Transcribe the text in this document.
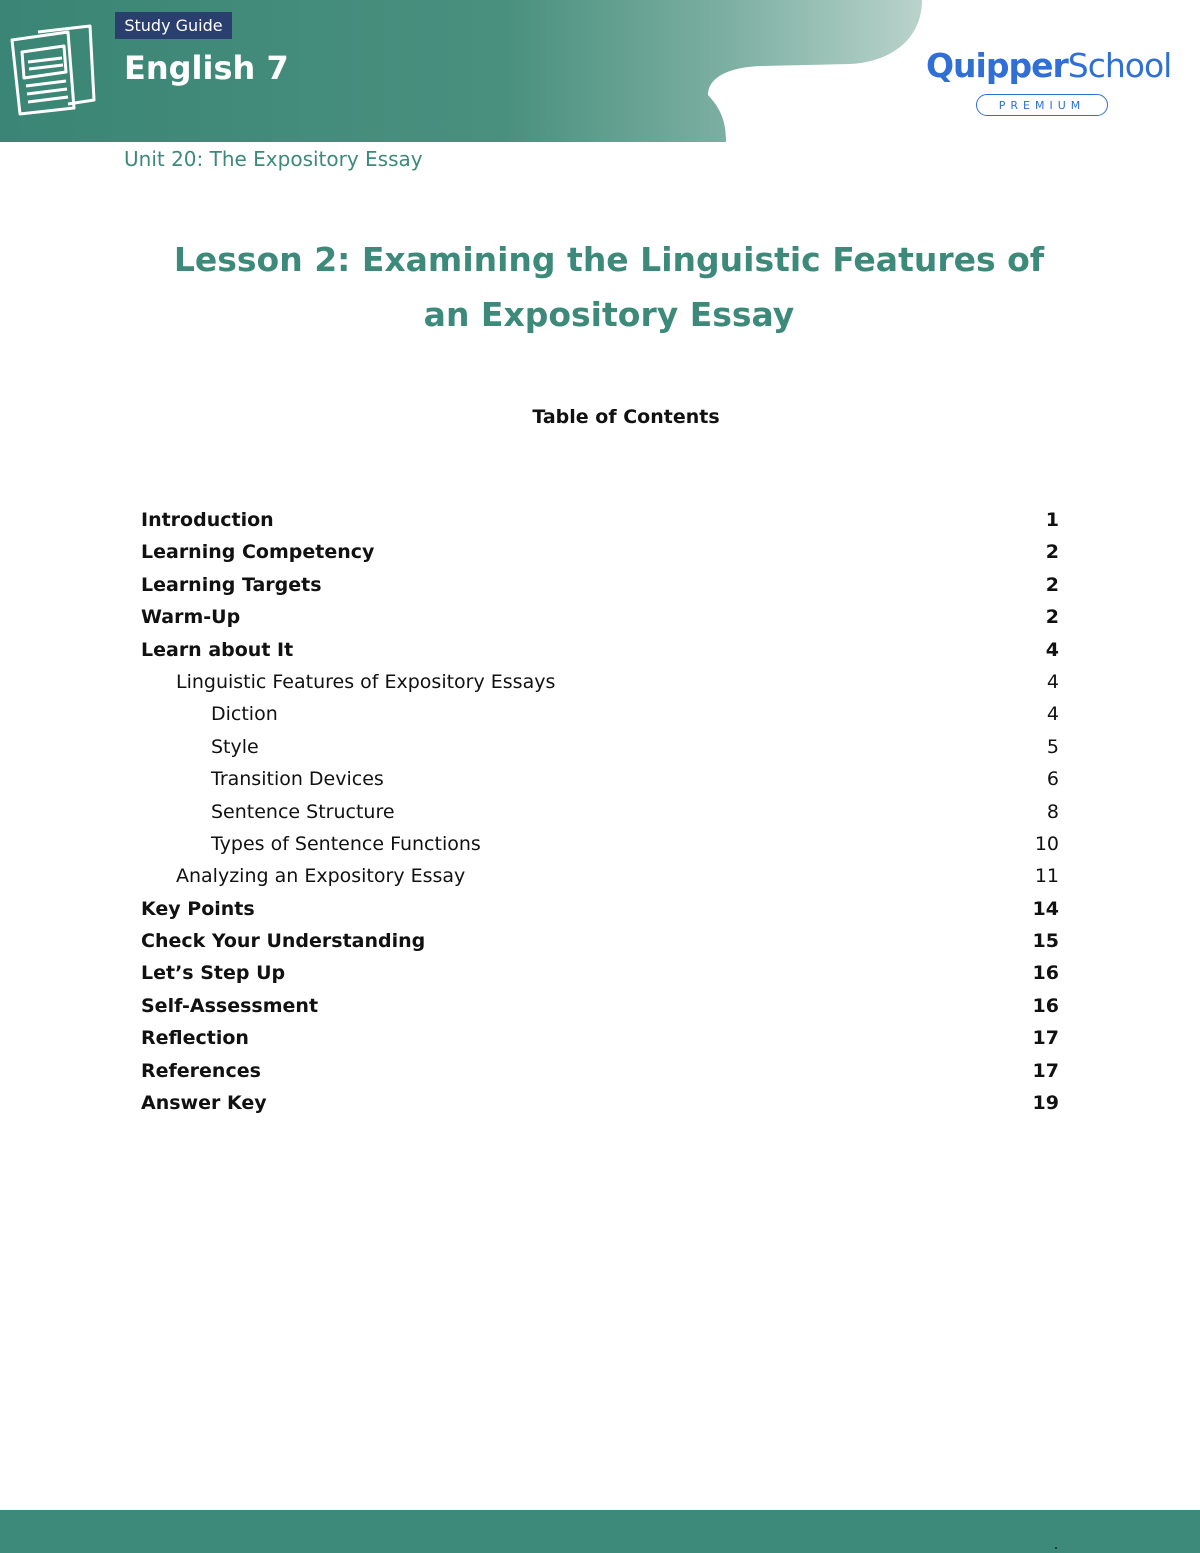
Study Guide
English 7	QuipperSchool
PREMIUM
Unit 20: The Expository Essay
Lesson 2: Examining the Linguistic Features of an Expository Essay
Table of Contents
Introduction	1
Learning Competency	2
Learning Targets	2
Warm-Up	2
Learn about It	4
Linguistic Features of Expository Essays	4
Diction	4
Style	5
Transition Devices	6
Sentence Structure	8
Types of Sentence Functions	10
Analyzing an Expository Essay	11
Key Points	14
Check Your Understanding	15
Let’s Step Up	16
Self-Assessment	16
Reflection	17
References	17
Answer Key	19
